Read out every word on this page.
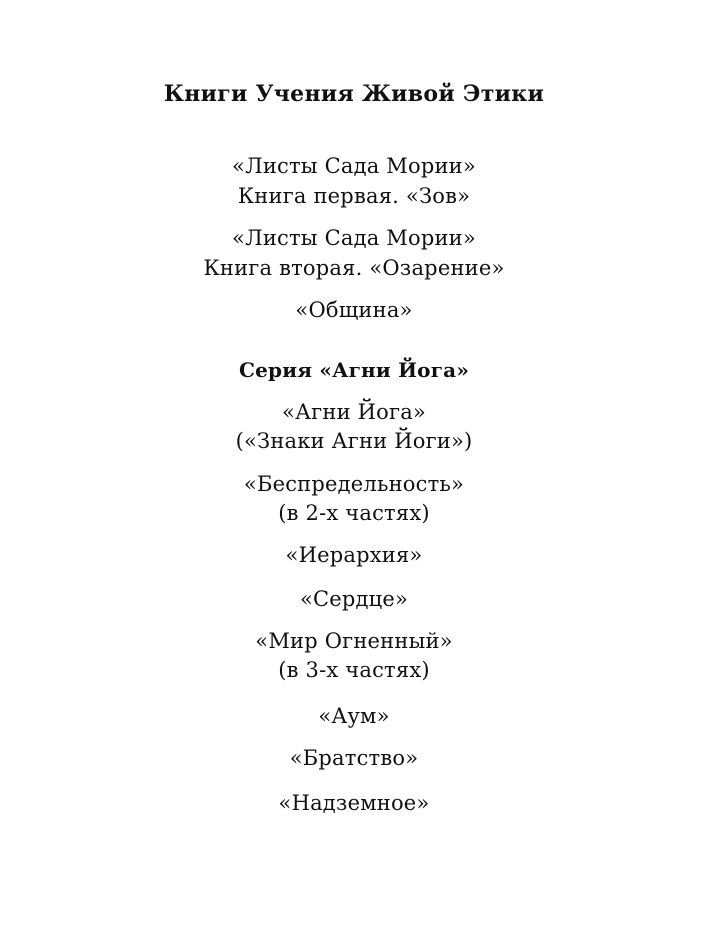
Книги Учения Живой Этики
«Листы Сада Мории»
Книга первая. «Зов»
«Листы Сада Мории»
Книга вторая. «Озарение»
«Община»
Серия «Агни Йога»
«Агни Йога»
(«Знаки Агни Йоги»)
«Беспредельность»
(в 2-х частях)
«Иерархия»
«Сердце»
«Мир Огненный»
(в 3-х частях)
«Аум»
«Братство»
«Надземное»
